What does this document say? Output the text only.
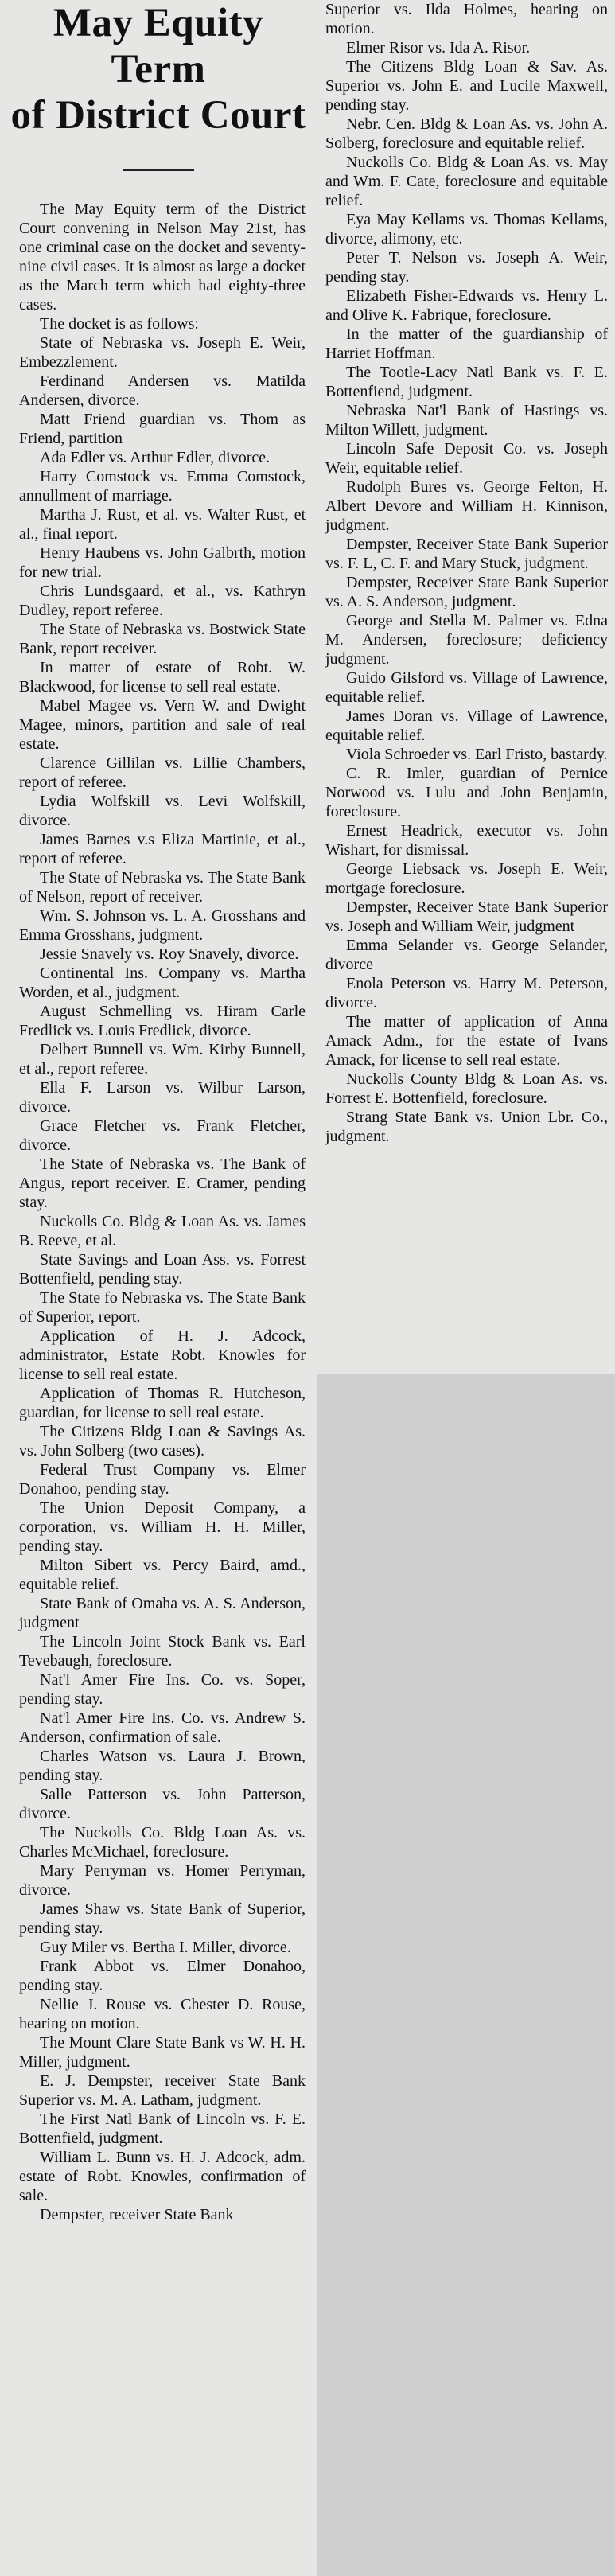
May Equity Term
of District Court

The May Equity term of the District Court convening in Nelson May 21st, has one criminal case on the docket and seventy-nine civil cases. It is almost as large a docket as the March term which had eighty-three cases.

The docket is as follows:

State of Nebraska vs. Joseph E. Weir, Embezzlement.

Ferdinand Andersen vs. Matilda Andersen, divorce.

Matt Friend guardian vs. Thom as Friend, partition

Ada Edler vs. Arthur Edler, divorce.

Harry Comstock vs. Emma Comstock, annullment of marriage.

Martha J. Rust, et al. vs. Walter Rust, et al., final report.

Henry Haubens vs. John Galbrth, motion for new trial.

Chris Lundsgaard, et al., vs. Kathryn Dudley, report referee.

The State of Nebraska vs. Bostwick State Bank, report receiver.

In matter of estate of Robt. W. Blackwood, for license to sell real estate.

Mabel Magee vs. Vern W. and Dwight Magee, minors, partition and sale of real estate.

Clarence Gillilan vs. Lillie Chambers, report of referee.

Lydia Wolfskill vs. Levi Wolfskill, divorce.

James Barnes v.s Eliza Martinie, et al., report of referee.

The State of Nebraska vs. The State Bank of Nelson, report of receiver.

Wm. S. Johnson vs. L. A. Grosshans and Emma Grosshans, judgment.

Jessie Snavely vs. Roy Snavely, divorce.

Continental Ins. Company vs. Martha Worden, et al., judgment.

August Schmelling vs. Hiram Carle Fredlick vs. Louis Fredlick, divorce.

Delbert Bunnell vs. Wm. Kirby Bunnell, et al., report referee.

Ella F. Larson vs. Wilbur Larson, divorce.

Grace Fletcher vs. Frank Fletcher, divorce.

The State of Nebraska vs. The Bank of Angus, report receiver. E. Cramer, pending stay.

Nuckolls Co. Bldg & Loan As. vs. James B. Reeve, et al.

State Savings and Loan Ass. vs. Forrest Bottenfield, pending stay.

The State fo Nebraska vs. The State Bank of Superior, report.

Application of H. J. Adcock, administrator, Estate Robt. Knowles for license to sell real estate.

Application of Thomas R. Hutcheson, guardian, for license to sell real estate.

The Citizens Bldg Loan & Savings As. vs. John Solberg (two cases).

Federal Trust Company vs. Elmer Donahoo, pending stay.

The Union Deposit Company, a corporation, vs. William H. H. Miller, pending stay.

Milton Sibert vs. Percy Baird, amd., equitable relief.

State Bank of Omaha vs. A. S. Anderson, judgment

The Lincoln Joint Stock Bank vs. Earl Tevebaugh, foreclosure.

Nat'l Amer Fire Ins. Co. vs. Soper, pending stay.

Nat'l Amer Fire Ins. Co. vs. Andrew S. Anderson, confirmation of sale.

Charles Watson vs. Laura J. Brown, pending stay.

Salle Patterson vs. John Patterson, divorce.

The Nuckolls Co. Bldg Loan As. vs. Charles McMichael, foreclosure.

Mary Perryman vs. Homer Perryman, divorce.

James Shaw vs. State Bank of Superior, pending stay.

Guy Miler vs. Bertha I. Miller, divorce.

Frank Abbot vs. Elmer Donahoo, pending stay.

Nellie J. Rouse vs. Chester D. Rouse, hearing on motion.

The Mount Clare State Bank vs W. H. H. Miller, judgment.

E. J. Dempster, receiver State Bank Superior vs. M. A. Latham, judgment.

The First Natl Bank of Lincoln vs. F. E. Bottenfield, judgment.

William L. Bunn vs. H. J. Adcock, adm. estate of Robt. Knowles, confirmation of sale.

Dempster, receiver State Bank

Superior vs. Ilda Holmes, hearing on motion.

Elmer Risor vs. Ida A. Risor.

The Citizens Bldg Loan & Sav. As. Superior vs. John E. and Lucile Maxwell, pending stay.

Nebr. Cen. Bldg & Loan As. vs. John A. Solberg, foreclosure and equitable relief.

Nuckolls Co. Bldg & Loan As. vs. May and Wm. F. Cate, foreclosure and equitable relief.

Eya May Kellams vs. Thomas Kellams, divorce, alimony, etc.

Peter T. Nelson vs. Joseph A. Weir, pending stay.

Elizabeth Fisher-Edwards vs. Henry L. and Olive K. Fabrique, foreclosure.

In the matter of the guardianship of Harriet Hoffman.

The Tootle-Lacy Natl Bank vs. F. E. Bottenfiend, judgment.

Nebraska Nat'l Bank of Hastings vs. Milton Willett, judgment.

Lincoln Safe Deposit Co. vs. Joseph Weir, equitable relief.

Rudolph Bures vs. George Felton, H. Albert Devore and William H. Kinnison, judgment.

Dempster, Receiver State Bank Superior vs. F. L, C. F. and Mary Stuck, judgment.

Dempster, Receiver State Bank Superior vs. A. S. Anderson, judgment.

George and Stella M. Palmer vs. Edna M. Andersen, foreclosure; deficiency judgment.

Guido Gilsford vs. Village of Lawrence, equitable relief.

James Doran vs. Village of Lawrence, equitable relief.

Viola Schroeder vs. Earl Fristo, bastardy.

C. R. Imler, guardian of Pernice Norwood vs. Lulu and John Benjamin, foreclosure.

Ernest Headrick, executor vs. John Wishart, for dismissal.

George Liebsack vs. Joseph E. Weir, mortgage foreclosure.

Dempster, Receiver State Bank Superior vs. Joseph and William Weir, judgment

Emma Selander vs. George Selander, divorce

Enola Peterson vs. Harry M. Peterson, divorce.

The matter of application of Anna Amack Adm., for the estate of Ivans Amack, for license to sell real estate.

Nuckolls County Bldg & Loan As. vs. Forrest E. Bottenfield, foreclosure.

Strang State Bank vs. Union Lbr. Co., judgment.
